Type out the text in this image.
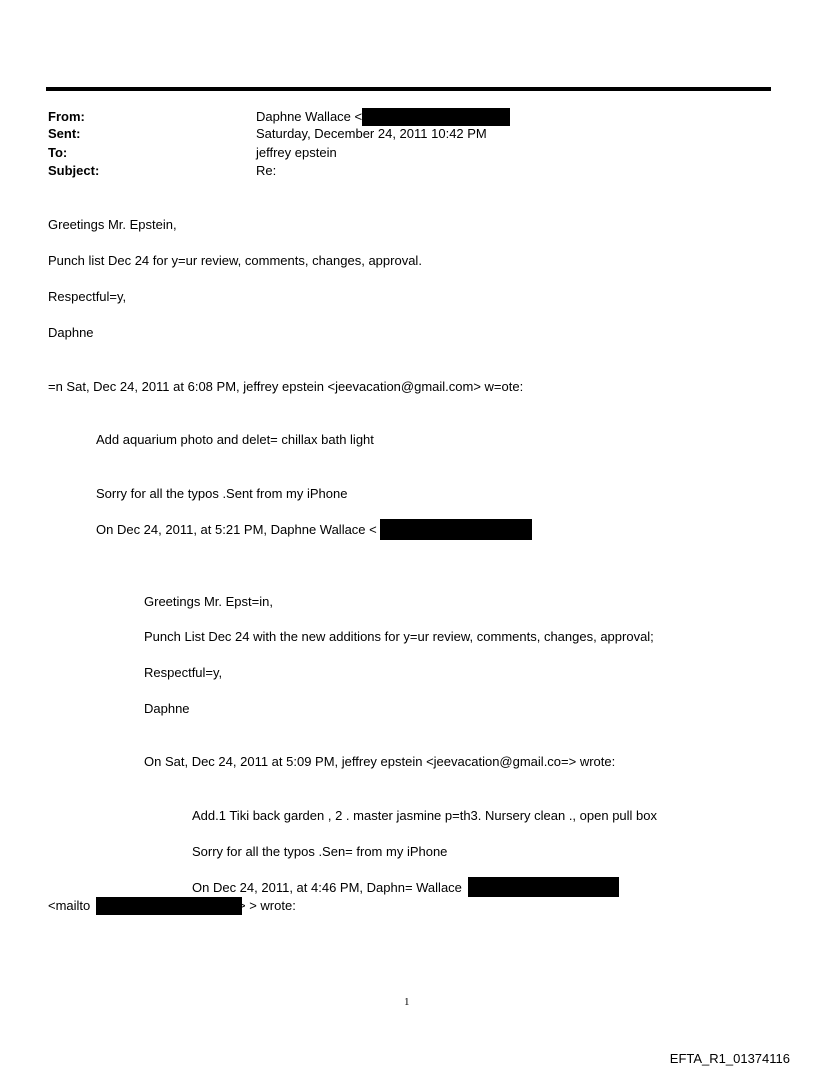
From:	Daphne Wallace <
Sent:	Saturday, December 24, 2011 10:42 PM
To:	jeffrey epstein
Subject:	Re:
Greetings Mr. Epstein,
Punch list Dec 24 for y=ur review, comments, changes, approval.
Respectful=y,
Daphne
=n Sat, Dec 24, 2011 at 6:08 PM, jeffrey epstein <jeevacation@gmail.com> w=ote:
Add aquarium photo and delet= chillax bath light
Sorry for all the typos .Sent from my iPhone
On Dec 24, 2011, at 5:21 PM, Daphne Wallace <
Greetings Mr. Epst=in,
Punch List Dec 24 with the new additions for y=ur review, comments, changes, approval;
Respectful=y,
Daphne
On Sat, Dec 24, 2011 at 5:09 PM, jeffrey epstein <jeevacation@gmail.co=> wrote:
Add.1 Tiki back garden , 2 . master jasmine p=th3. Nursery clean ., open pull box
Sorry for all the typos .Sen= from my iPhone
On Dec 24, 2011, at 4:46 PM, Daphn= Wallace
<mailto	> > wrote:
1
EFTA_R1_01374116
